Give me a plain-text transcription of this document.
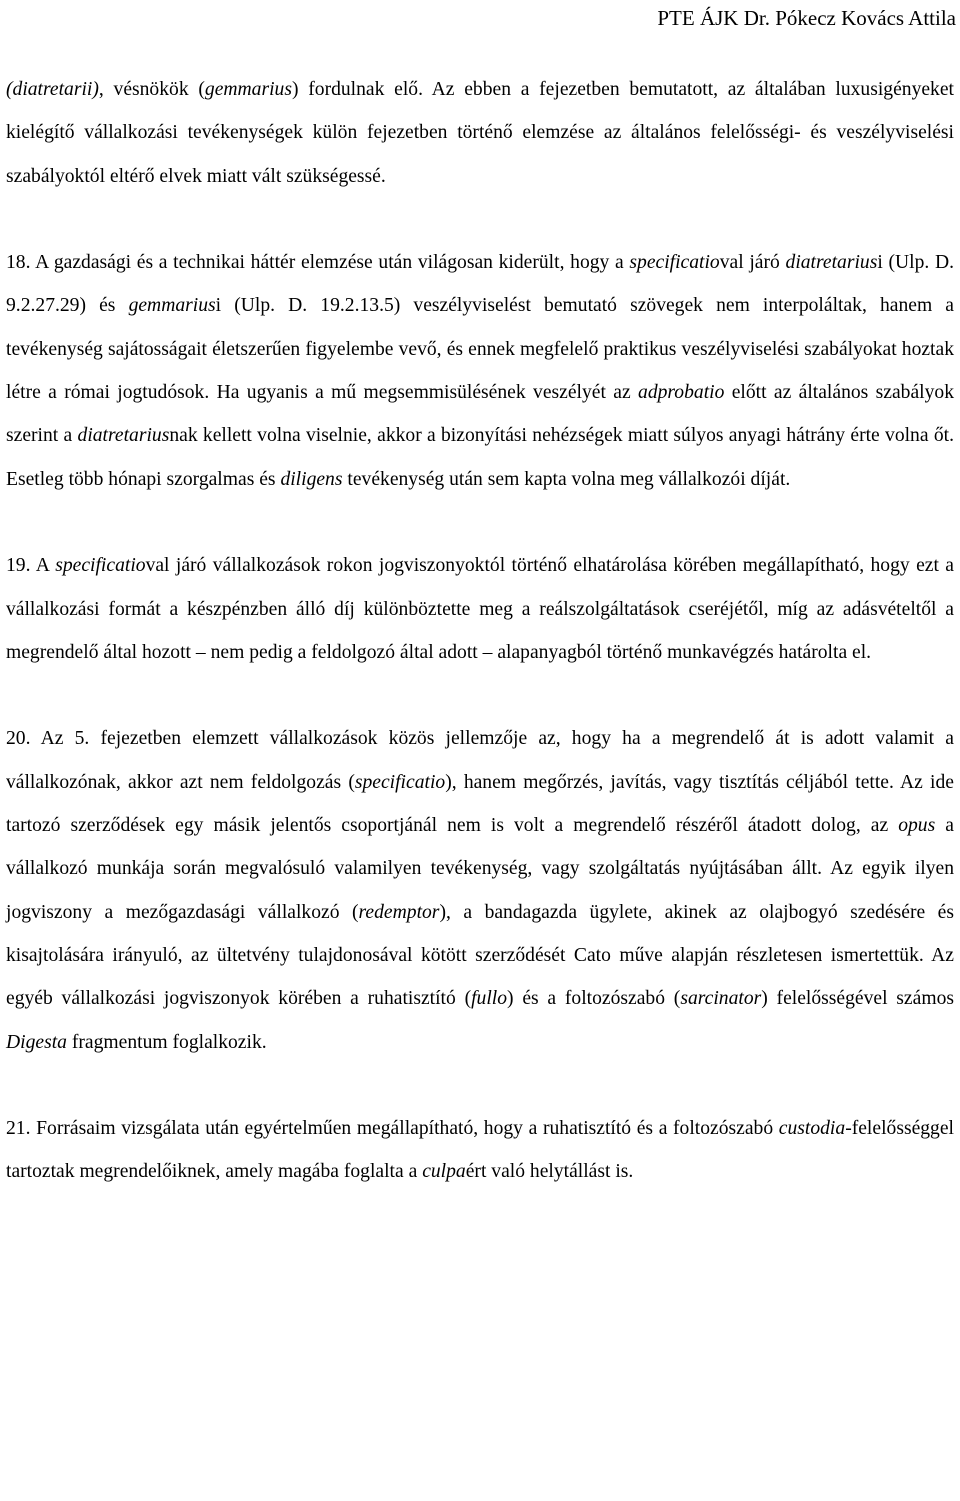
PTE ÁJK Dr. Pókecz Kovács Attila

(diatretarii), vésnökök (gemmarius) fordulnak elő. Az ebben a fejezetben bemutatott, az általában luxusigényeket kielégítő vállalkozási tevékenységek külön fejezetben történő elemzése az általános felelősségi- és veszélyviselési szabályoktól eltérő elvek miatt vált szükségessé.

18. A gazdasági és a technikai háttér elemzése után világosan kiderült, hogy a specificatioval járó diatretariusi (Ulp. D. 9.2.27.29) és gemmariusi (Ulp. D. 19.2.13.5) veszélyviselést bemutató szövegek nem interpoláltak, hanem a tevékenység sajátosságait életszerűen figyelembe vevő, és ennek megfelelő praktikus veszélyviselési szabályokat hoztak létre a római jogtudósok. Ha ugyanis a mű megsemmisülésének veszélyét az adprobatio előtt az általános szabályok szerint a diatretariusnak kellett volna viselnie, akkor a bizonyítási nehézségek miatt súlyos anyagi hátrány érte volna őt. Esetleg több hónapi szorgalmas és diligens tevékenység után sem kapta volna meg vállalkozói díját.

19. A specificatioval járó vállalkozások rokon jogviszonyoktól történő elhatárolása körében megállapítható, hogy ezt a vállalkozási formát a készpénzben álló díj különböztette meg a reálszolgáltatások cseréjétől, míg az adásvételtől a megrendelő által hozott – nem pedig a feldolgozó által adott – alapanyagból történő munkavégzés határolta el.

20. Az 5. fejezetben elemzett vállalkozások közös jellemzője az, hogy ha a megrendelő át is adott valamit a vállalkozónak, akkor azt nem feldolgozás (specificatio), hanem megőrzés, javítás, vagy tisztítás céljából tette. Az ide tartozó szerződések egy másik jelentős csoportjánál nem is volt a megrendelő részéről átadott dolog, az opus a vállalkozó munkája során megvalósuló valamilyen tevékenység, vagy szolgáltatás nyújtásában állt. Az egyik ilyen jogviszony a mezőgazdasági vállalkozó (redemptor), a bandagazda ügylete, akinek az olajbogyó szedésére és kisajtolására irányuló, az ültetvény tulajdonosával kötött szerződését Cato műve alapján részletesen ismertettük. Az egyéb vállalkozási jogviszonyok körében a ruhatisztító (fullo) és a foltozószabó (sarcinator) felelősségével számos Digesta fragmentum foglalkozik.

21. Forrásaim vizsgálata után egyértelműen megállapítható, hogy a ruhatisztító és a foltozószabó custodia-felelősséggel tartoztak megrendelőiknek, amely magába foglalta a culpaért való helytállást is.
